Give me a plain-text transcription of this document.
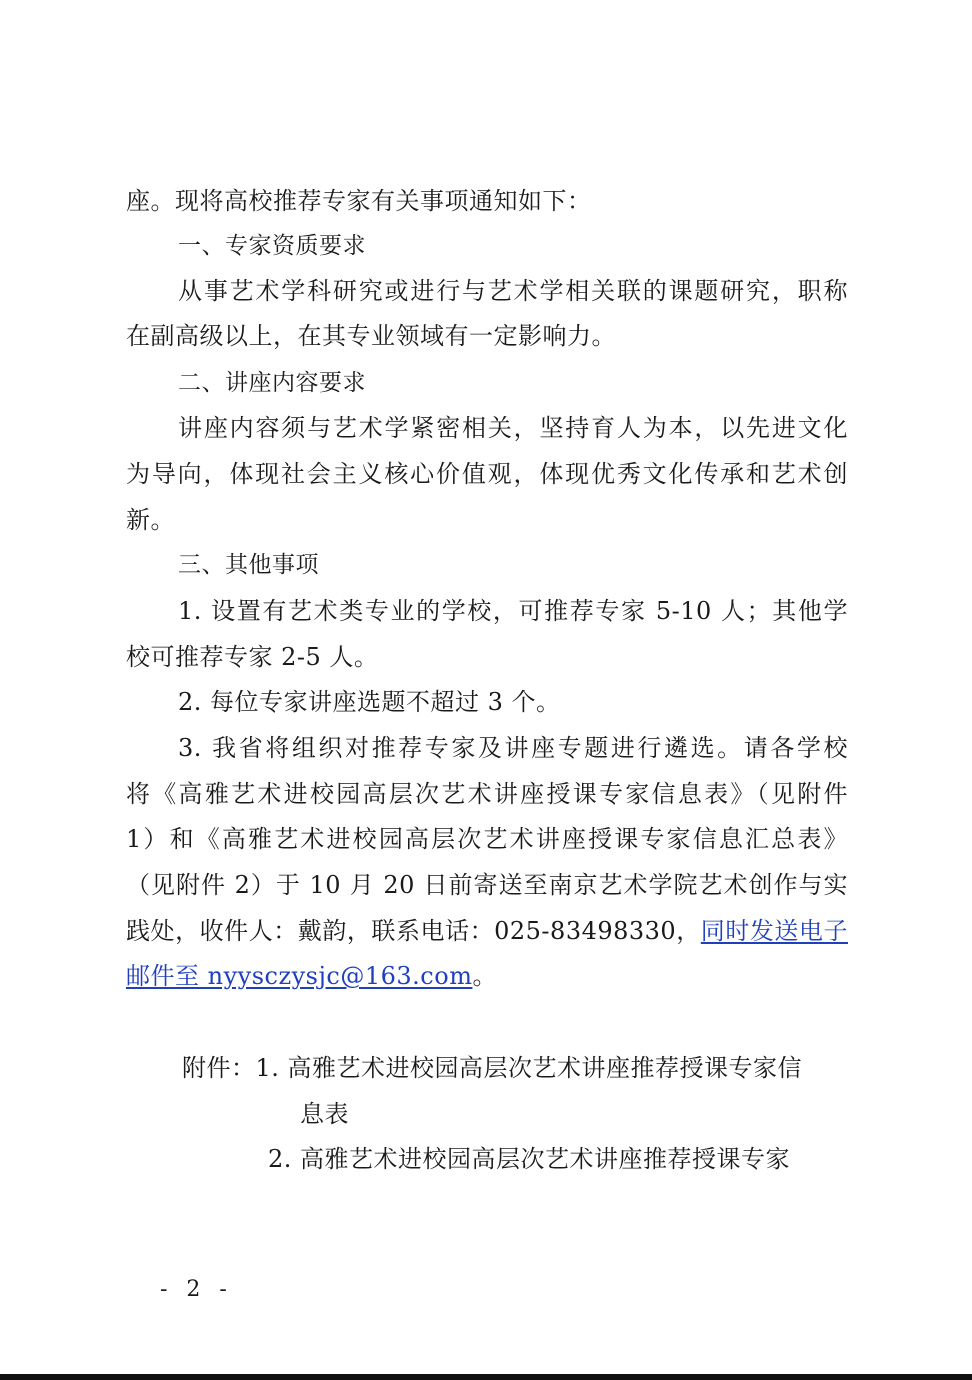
座。现将高校推荐专家有关事项通知如下：
一、专家资质要求
从事艺术学科研究或进行与艺术学相关联的课题研究，职称
在副高级以上，在其专业领域有一定影响力。
二、讲座内容要求
讲座内容须与艺术学紧密相关，坚持育人为本，以先进文化
为导向，体现社会主义核心价值观，体现优秀文化传承和艺术创
新。
三、其他事项
1. 设置有艺术类专业的学校，可推荐专家 5-10 人；其他学
校可推荐专家 2-5 人。
2. 每位专家讲座选题不超过 3 个。
3. 我省将组织对推荐专家及讲座专题进行遴选。请各学校
将《高雅艺术进校园高层次艺术讲座授课专家信息表》（见附件
1）和《高雅艺术进校园高层次艺术讲座授课专家信息汇总表》
（见附件 2）于 10 月 20 日前寄送至南京艺术学院艺术创作与实
践处，收件人：戴韵，联系电话：025-83498330，同时发送电子
邮件至 nyysczysjc@163.com。
附件：1. 高雅艺术进校园高层次艺术讲座推荐授课专家信
息表
2. 高雅艺术进校园高层次艺术讲座推荐授课专家
- 2 -
